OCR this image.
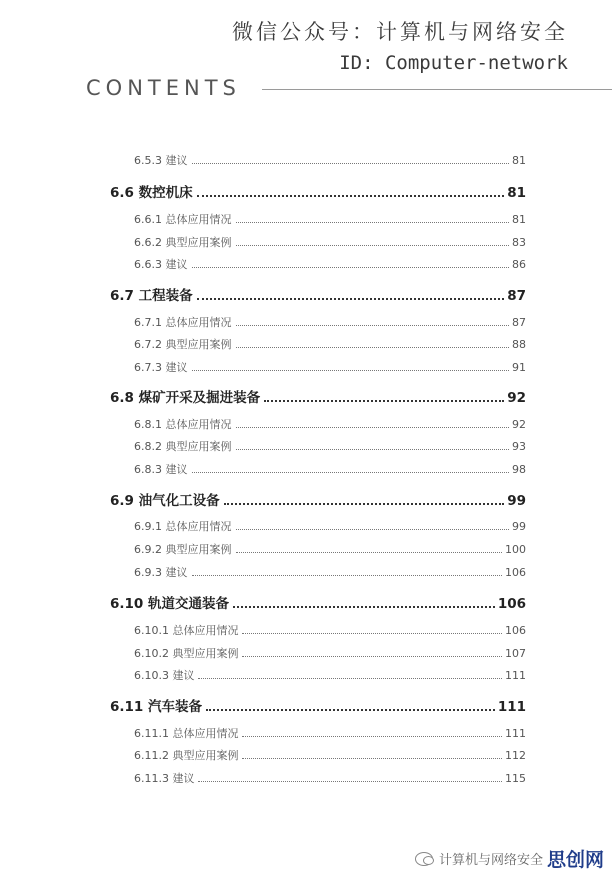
微信公众号：计算机与网络安全
ID: Computer-network
CONTENTS
6.5.3 建议	81
6.6 数控机床	81
6.6.1 总体应用情况	81
6.6.2 典型应用案例	83
6.6.3 建议	86
6.7 工程装备	87
6.7.1 总体应用情况	87
6.7.2 典型应用案例	88
6.7.3 建议	91
6.8 煤矿开采及掘进装备	92
6.8.1 总体应用情况	92
6.8.2 典型应用案例	93
6.8.3 建议	98
6.9 油气化工设备	99
6.9.1 总体应用情况	99
6.9.2 典型应用案例	100
6.9.3 建议	106
6.10 轨道交通装备	106
6.10.1 总体应用情况	106
6.10.2 典型应用案例	107
6.10.3 建议	111
6.11 汽车装备	111
6.11.1 总体应用情况	111
6.11.2 典型应用案例	112
6.11.3 建议	115
计算机与网络安全 思创网
